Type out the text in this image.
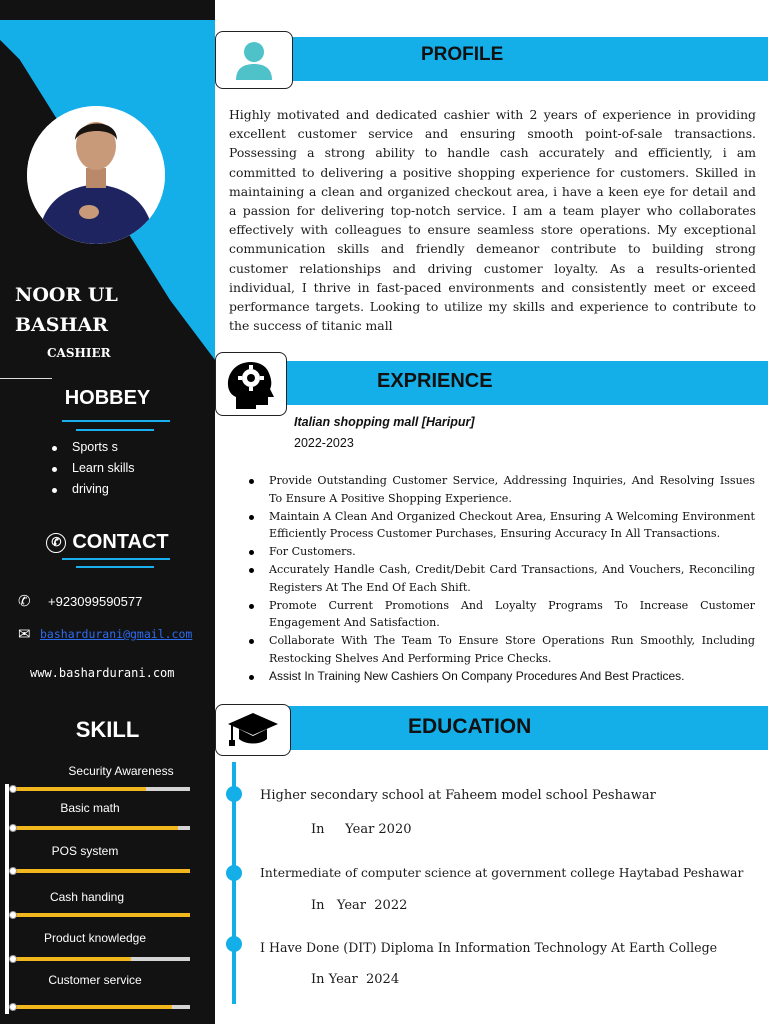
NOOR UL
BASHAR
CASHIER
HOBBEY
Sports s
Learn skills
driving
✆ CONTACT
✆	+923099590577
✉ bashardurani@gmail.com
www.bashardurani.com
SKILL
Security Awareness
Basic math
POS system
Cash handing
Product knowledge
Customer service
PROFILE
Highly motivated and dedicated cashier with 2 years of experience in providing excellent customer service and ensuring smooth point-of-sale transactions. Possessing a strong ability to handle cash accurately and efficiently, i am committed to delivering a positive shopping experience for customers. Skilled in maintaining a clean and organized checkout area, i have a keen eye for detail and a passion for delivering top-notch service. I am a team player who collaborates effectively with colleagues to ensure seamless store operations. My exceptional communication skills and friendly demeanor contribute to building strong customer relationships and driving customer loyalty. As a results-oriented individual, I thrive in fast-paced environments and consistently meet or exceed performance targets. Looking to utilize my skills and experience to contribute to the success of titanic mall
EXPRIENCE
Italian shopping mall [Haripur]
2022-2023
Provide Outstanding Customer Service, Addressing Inquiries, And Resolving Issues To Ensure A Positive Shopping Experience.
Maintain A Clean And Organized Checkout Area, Ensuring A Welcoming Environment Efficiently Process Customer Purchases, Ensuring Accuracy In All Transactions.
For Customers.
Accurately Handle Cash, Credit/Debit Card Transactions, And Vouchers, Reconciling Registers At The End Of Each Shift.
Promote Current Promotions And Loyalty Programs To Increase Customer Engagement And Satisfaction.
Collaborate With The Team To Ensure Store Operations Run Smoothly, Including Restocking Shelves And Performing Price Checks.
Assist In Training New Cashiers On Company Procedures And Best Practices.
EDUCATION
Higher secondary school at Faheem model school Peshawar
In     Year 2020
Intermediate of computer science at government college Haytabad Peshawar
In   Year  2022
I Have Done (DIT) Diploma In Information Technology At Earth College
In Year  2024
